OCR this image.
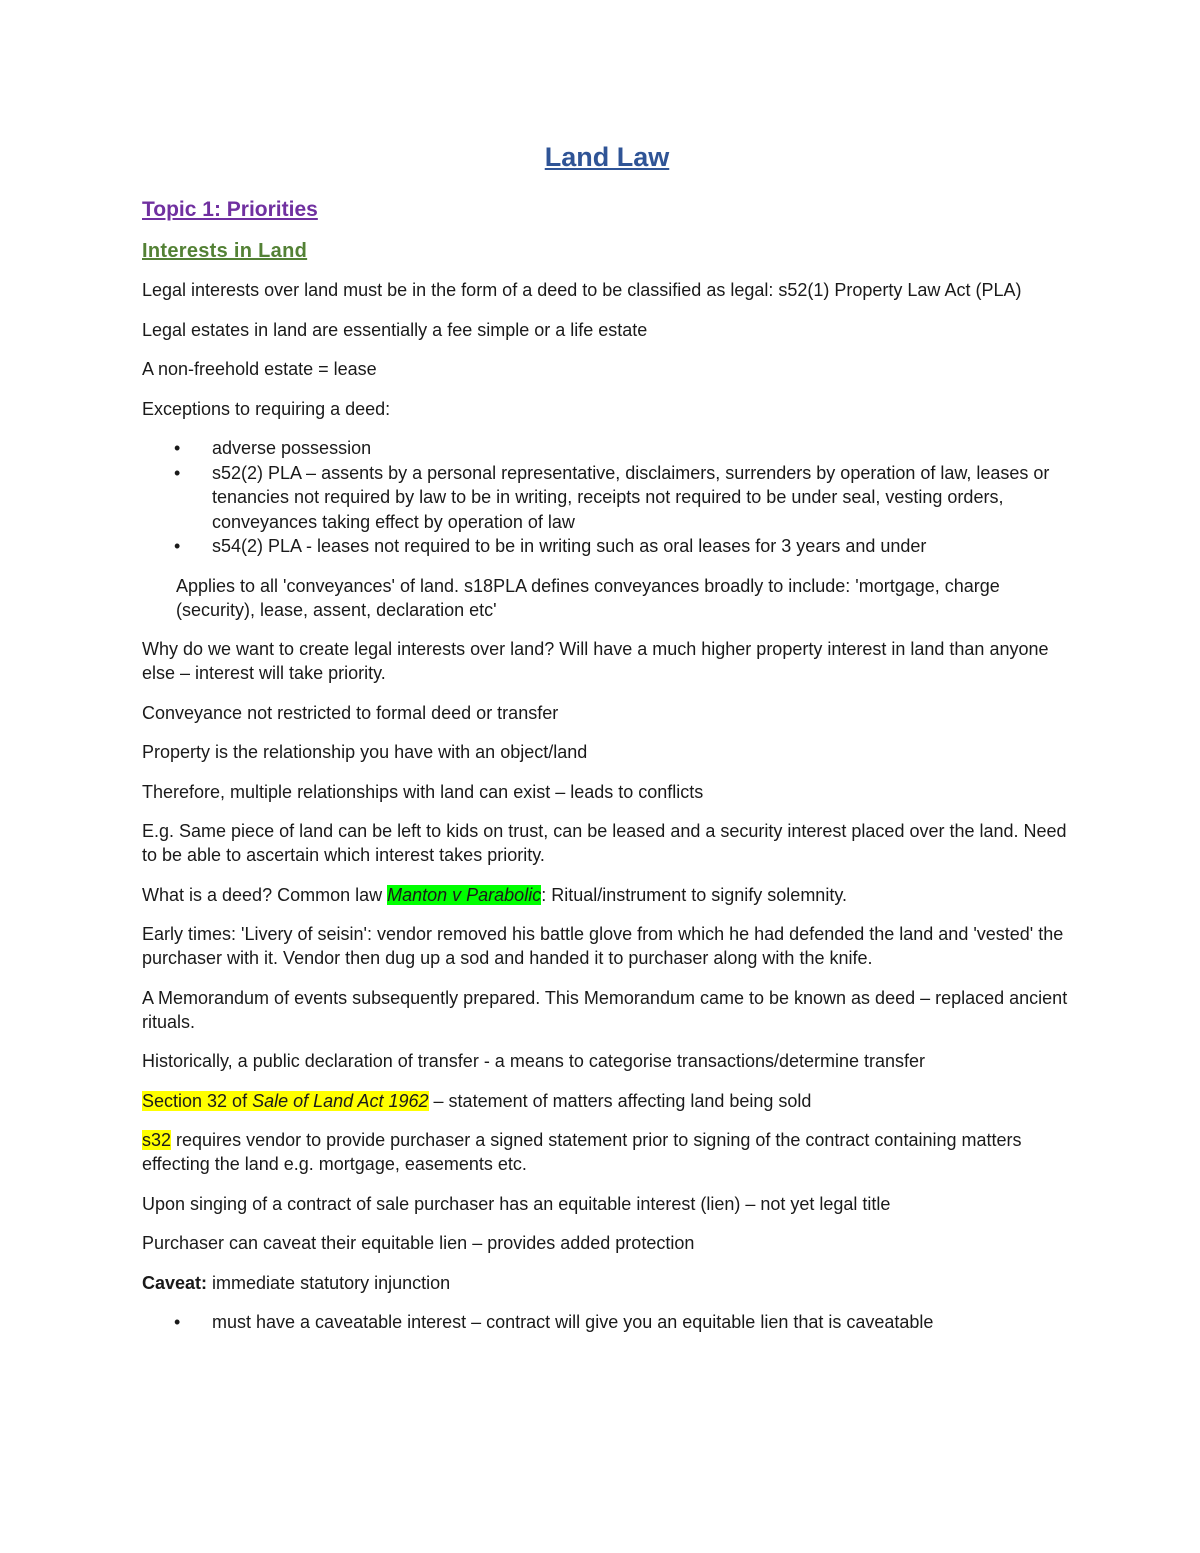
Land Law
Topic 1: Priorities
Interests in Land

Legal interests over land must be in the form of a deed to be classified as legal: s52(1) Property Law Act (PLA)

Legal estates in land are essentially a fee simple or a life estate

A non-freehold estate = lease

Exceptions to requiring a deed:

• adverse possession
• s52(2) PLA – assents by a personal representative, disclaimers, surrenders by operation of law, leases or tenancies not required by law to be in writing, receipts not required to be under seal, vesting orders, conveyances taking effect by operation of law
• s54(2) PLA - leases not required to be in writing such as oral leases for 3 years and under

Applies to all 'conveyances' of land. s18PLA defines conveyances broadly to include: 'mortgage, charge (security), lease, assent, declaration etc'

Why do we want to create legal interests over land? Will have a much higher property interest in land than anyone else – interest will take priority.

Conveyance not restricted to formal deed or transfer

Property is the relationship you have with an object/land

Therefore, multiple relationships with land can exist – leads to conflicts

E.g. Same piece of land can be left to kids on trust, can be leased and a security interest placed over the land. Need to be able to ascertain which interest takes priority.

What is a deed? Common law Manton v Parabolic: Ritual/instrument to signify solemnity.

Early times: 'Livery of seisin': vendor removed his battle glove from which he had defended the land and 'vested' the purchaser with it. Vendor then dug up a sod and handed it to purchaser along with the knife.

A Memorandum of events subsequently prepared. This Memorandum came to be known as deed – replaced ancient rituals.

Historically, a public declaration of transfer - a means to categorise transactions/determine transfer

Section 32 of Sale of Land Act 1962 – statement of matters affecting land being sold

s32 requires vendor to provide purchaser a signed statement prior to signing of the contract containing matters effecting the land e.g. mortgage, easements etc.

Upon singing of a contract of sale purchaser has an equitable interest (lien) – not yet legal title

Purchaser can caveat their equitable lien – provides added protection

Caveat: immediate statutory injunction

• must have a caveatable interest – contract will give you an equitable lien that is caveatable
